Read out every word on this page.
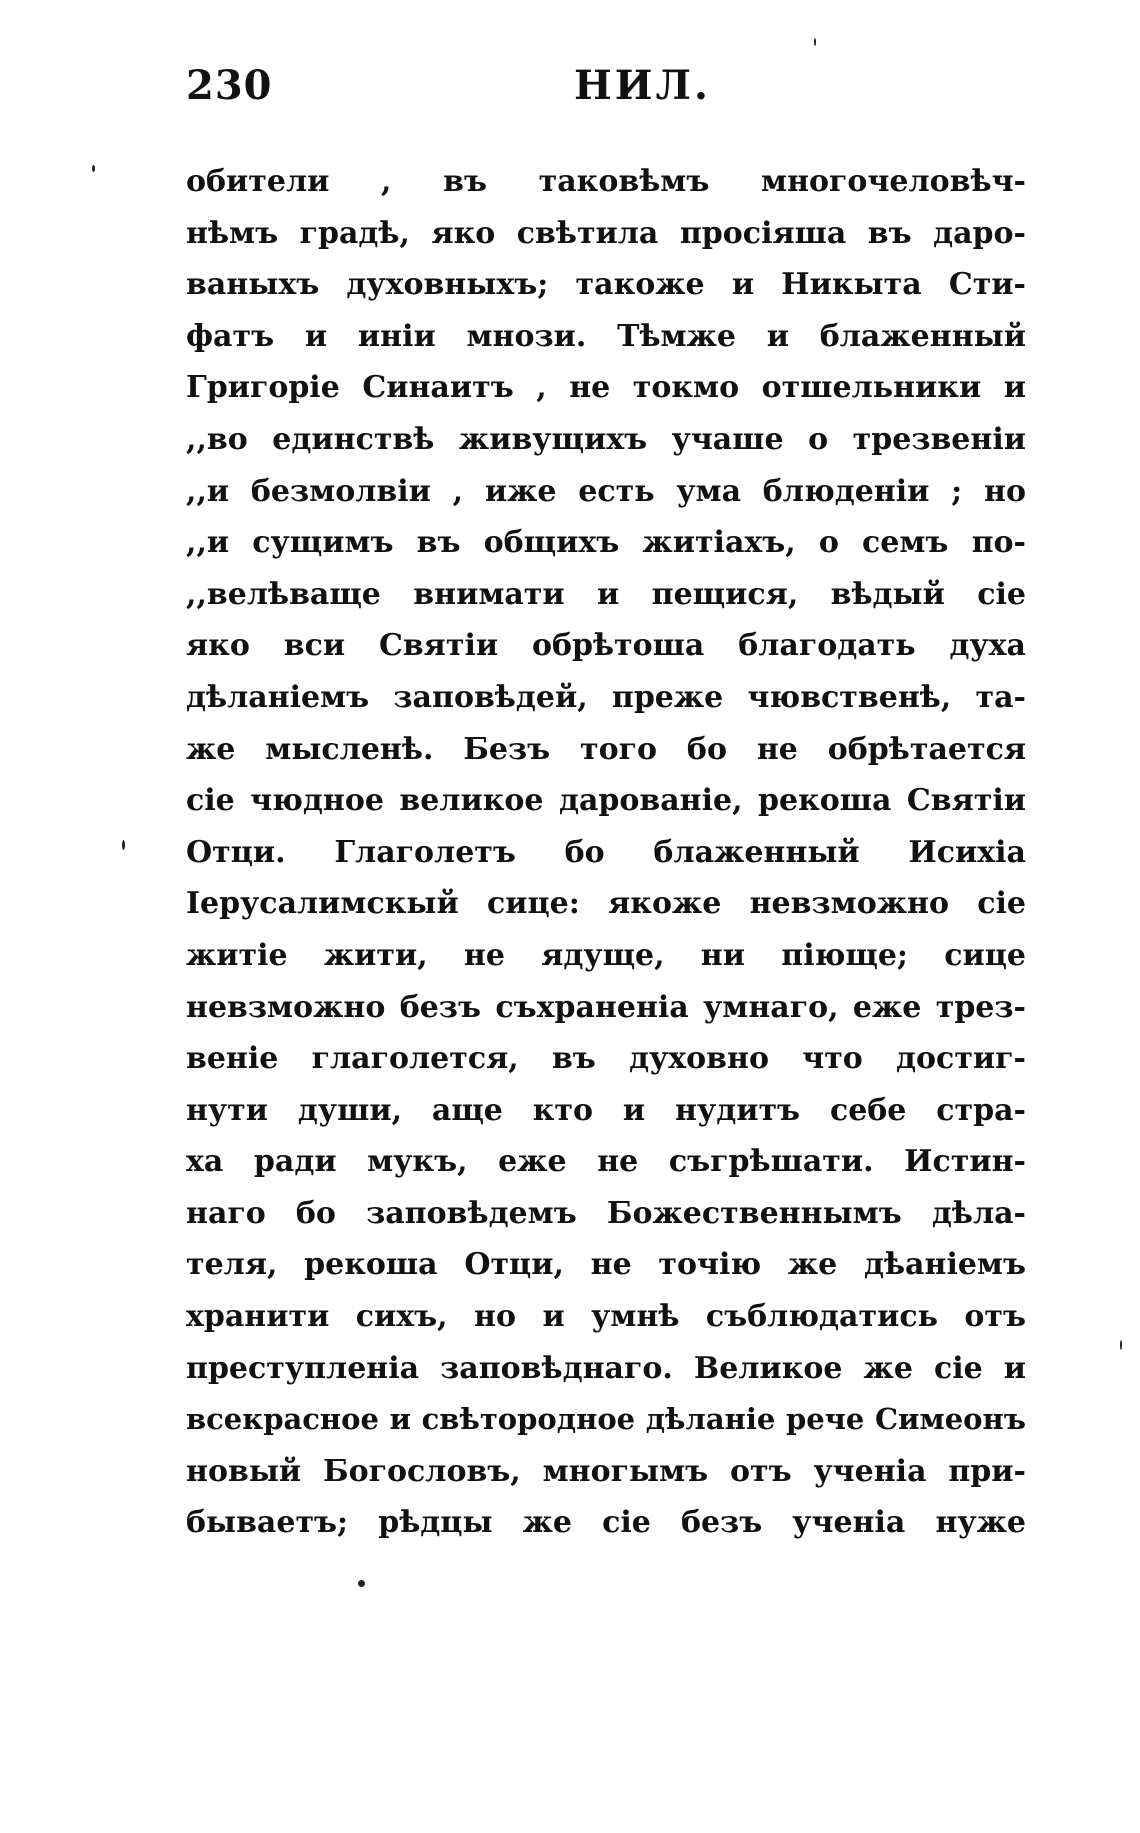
230	НИЛ.
обители , въ таковѣмъ многочеловѣч-
нѣмъ градѣ, яко свѣтила просіяша въ даро-
ваныхъ духовныхъ; такоже и Никыта Сти-
фатъ и иніи мнози. Тѣмже и блаженный
Григоріе Синаитъ , не токмо отшельники и
,,во единствѣ живущихъ учаше о трезвеніи
,,и безмолвіи , иже есть ума блюденіи ; но
,,и сущимъ въ общихъ житіахъ, о семъ по-
,,велѣваще внимати и пещися, вѣдый сіе
яко вси Святіи обрѣтоша благодать духа
дѣланіемъ заповѣдей, преже чювственѣ, та-
же мысленѣ. Безъ того бо не обрѣтается
сіе чюдное великое дарованіе, рекоша Святіи
Отци. Глаголетъ бо блаженный Исихіа
Іерусалимскый сице: якоже невзможно сіе
житіе жити, не ядуще, ни піюще; сице
невзможно безъ съхраненіа умнаго, еже трез-
веніе глаголется, въ духовно что достиг-
нути души, аще кто и нудитъ себе стра-
ха ради мукъ, еже не съгрѣшати. Истин-
наго бо заповѣдемъ Божественнымъ дѣла-
теля, рекоша Отци, не точію же дѣаніемъ
хранити сихъ, но и умнѣ съблюдатись отъ
преступленіа заповѣднаго. Великое же сіе и
всекрасное и свѣтородное дѣланіе рече Симеонъ
новый Богословъ, многымъ отъ ученіа при-
бываетъ; рѣдцы же сіе безъ ученіа нуже
